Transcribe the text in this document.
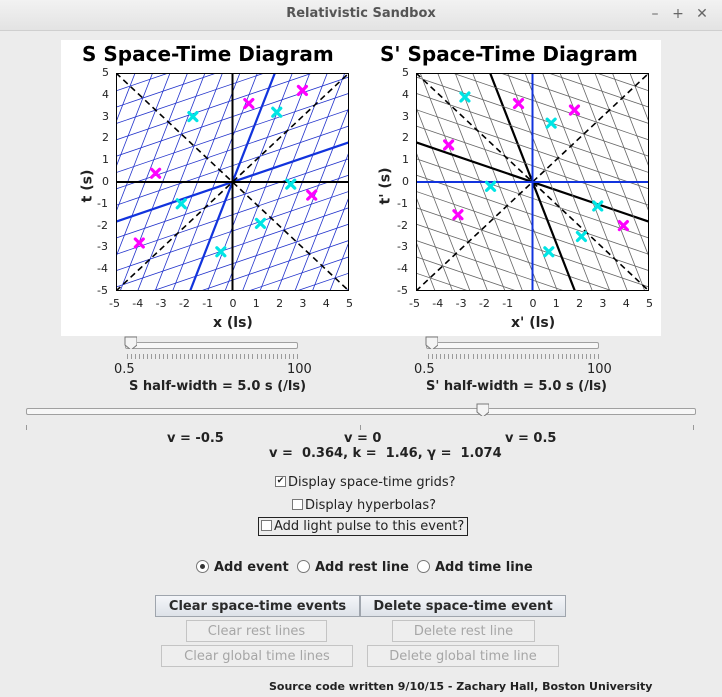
Relativistic Sandbox	– + ✕
S Space-Time Diagram S' Space-Time Diagram
-5
5
-4
4
-3
3
-2
2
-1
1
0
0
1
-1
2
-2
3
-3
4
-4
5
-5
-5
5
-4
4
-3
3
-2
2
-1
1
0
0
1
-1
2
-2
3
-3
4
-4
5
-5
x (ls)
t (s)
x' (ls)
t' (s)
0.5	100
S half-width = 5.0 s (/ls)
0.5	100
S' half-width = 5.0 s (/ls)
v = -0.5	v = 0	v = 0.5
v =  0.364, k =  1.46, γ =  1.074
✔ Display space-time grids?
Display hyperbolas?
Add light pulse to this event?
Add event	Add rest line	Add time line
Clear space-time events	Delete space-time event
Clear rest lines	Delete rest line
Clear global time lines	Delete global time line
Source code written 9/10/15 - Zachary Hall, Boston University
